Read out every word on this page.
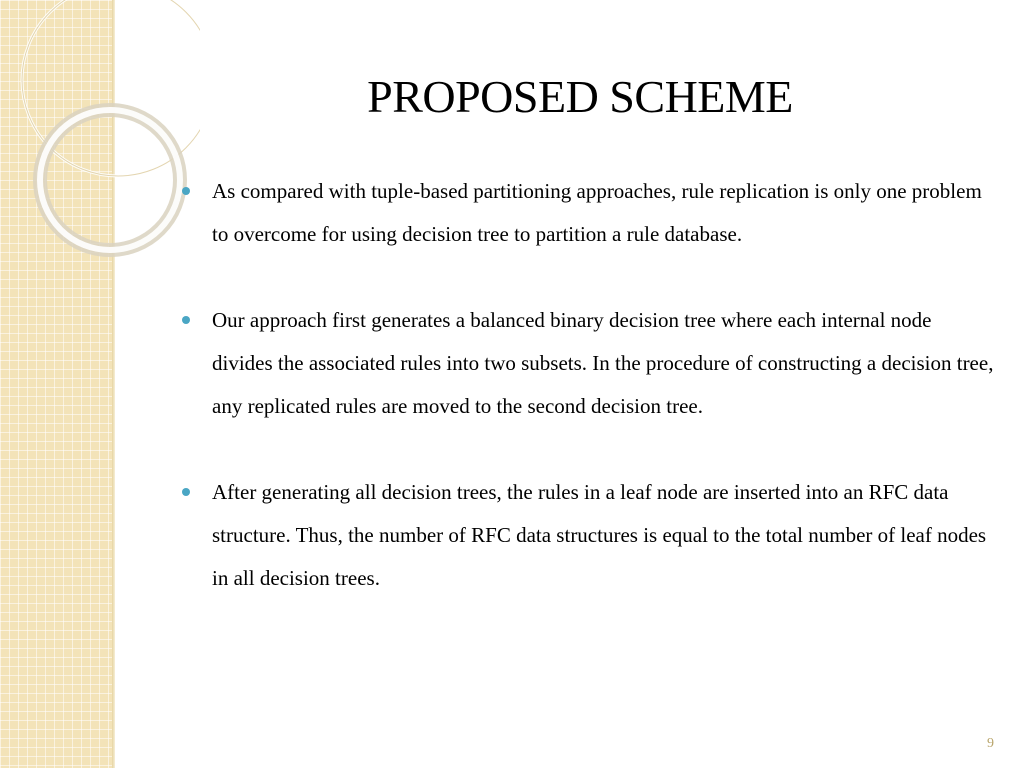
PROPOSED SCHEME
As compared with tuple-based partitioning approaches, rule replication is only one problem to overcome for using decision tree to partition a rule database.
Our approach first generates a balanced binary decision tree where each internal node divides the associated rules into two subsets. In the procedure of constructing a decision tree, any replicated rules are moved to the second decision tree.
After generating all decision trees, the rules in a leaf node are inserted into an RFC data structure. Thus, the number of RFC data structures is equal to the total number of leaf nodes in all decision trees.
9
